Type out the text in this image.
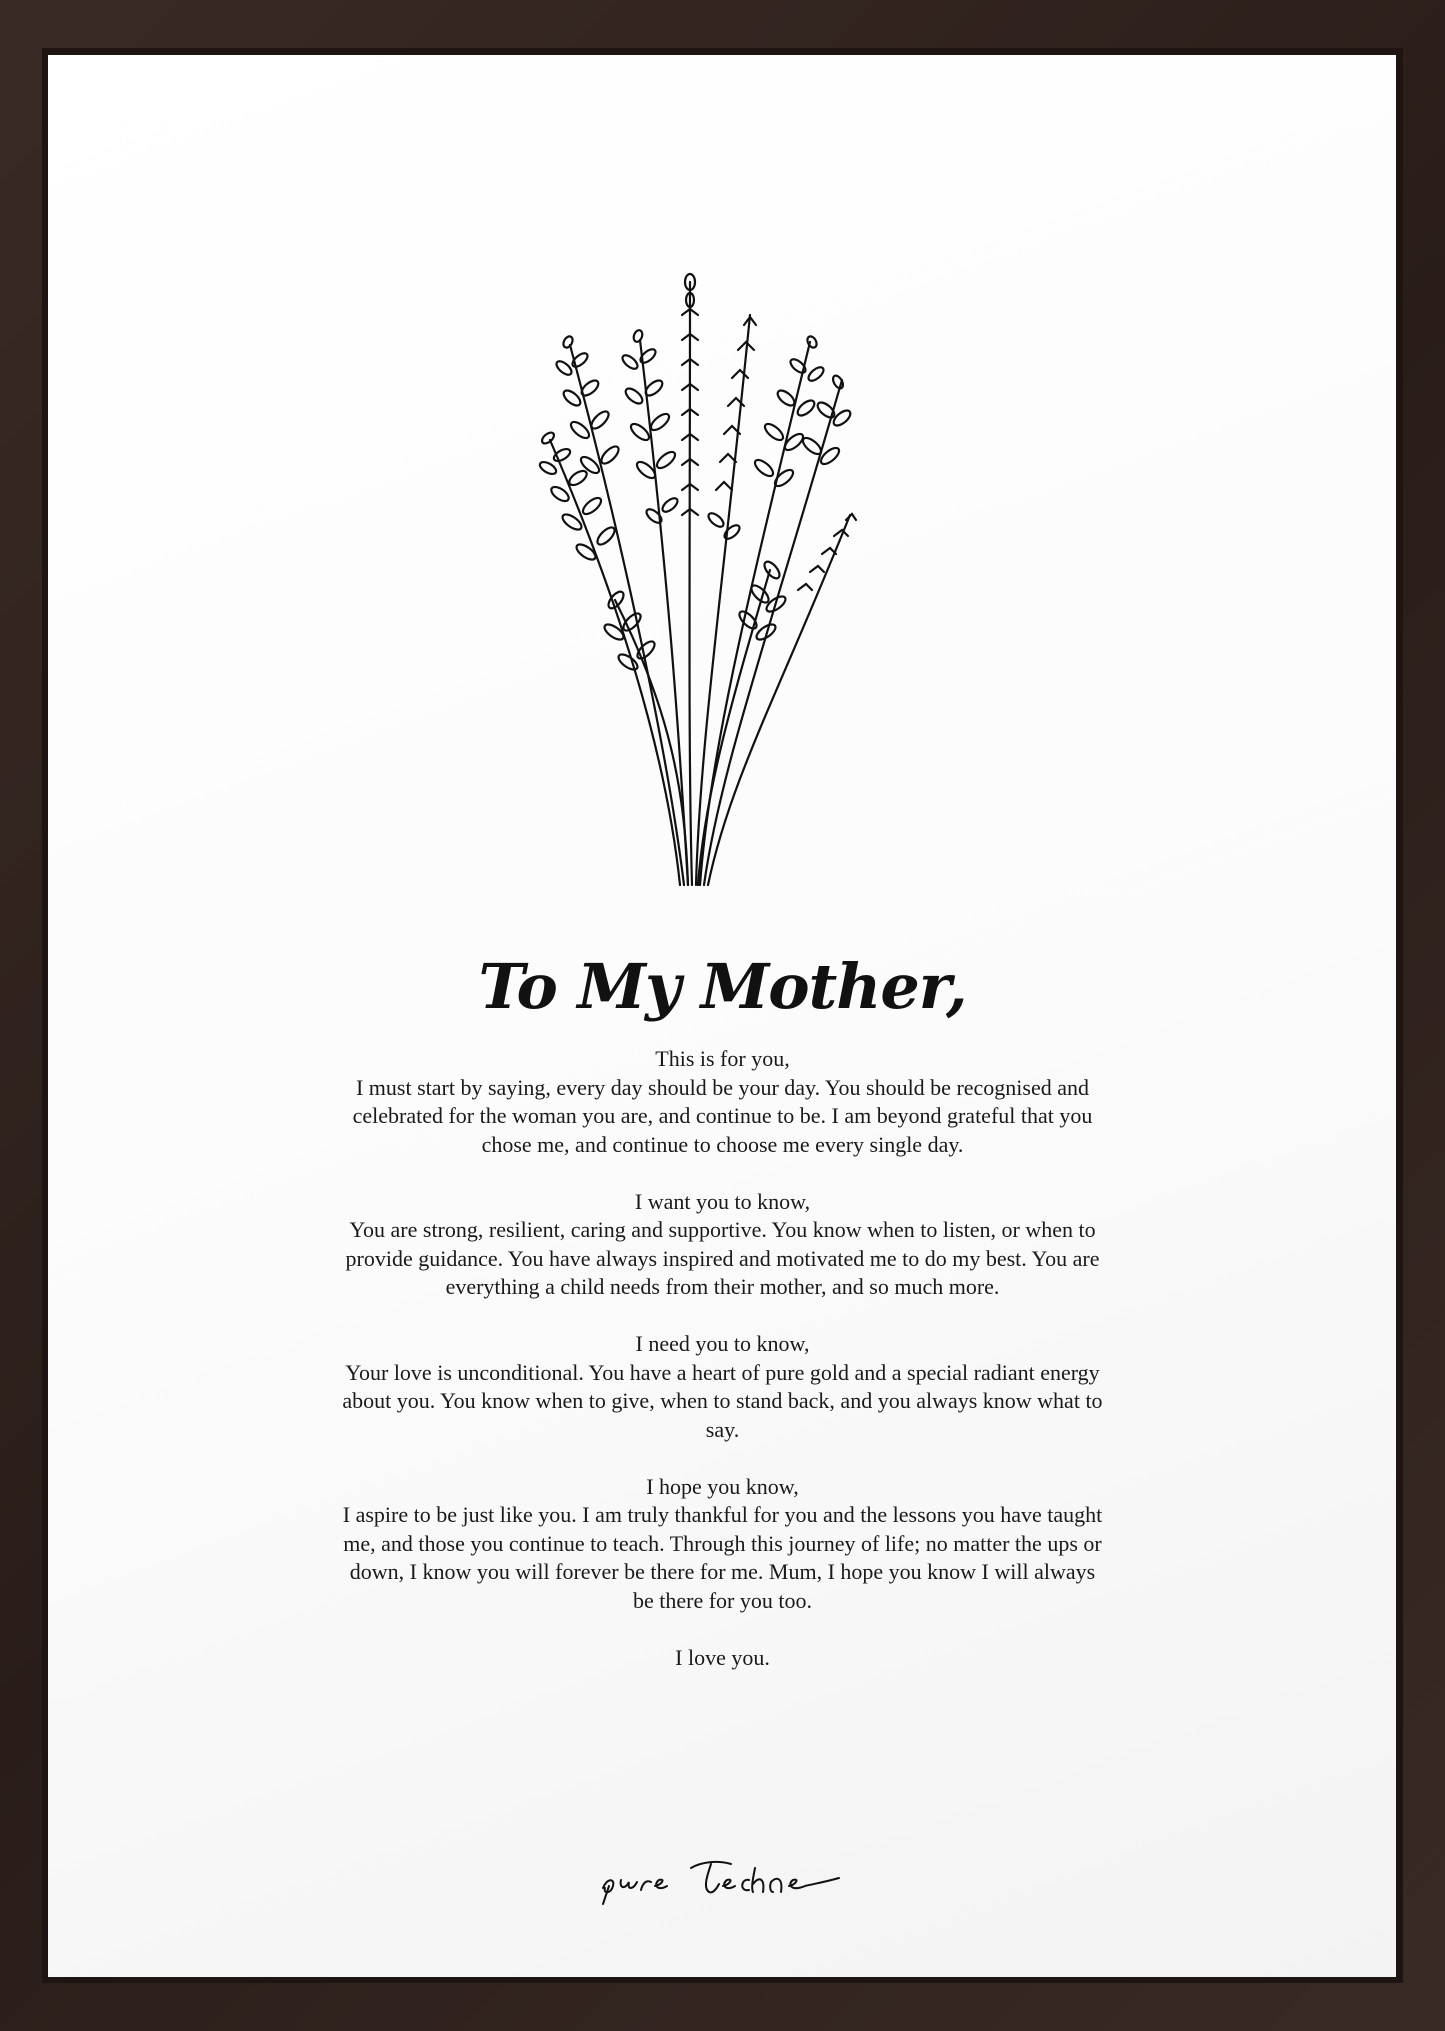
To My Mother,

This is for you,
I must start by saying, every day should be your day. You should be recognised and celebrated for the woman you are, and continue to be. I am beyond grateful that you chose me, and continue to choose me every single day.

I want you to know,
You are strong, resilient, caring and supportive. You know when to listen, or when to provide guidance. You have always inspired and motivated me to do my best. You are everything a child needs from their mother, and so much more.

I need you to know,
Your love is unconditional. You have a heart of pure gold and a special radiant energy about you. You know when to give, when to stand back, and you always know what to say.

I hope you know,
I aspire to be just like you. I am truly thankful for you and the lessons you have taught me, and those you continue to teach. Through this journey of life; no matter the ups or down, I know you will forever be there for me. Mum, I hope you know I will always be there for you too.

I love you.
